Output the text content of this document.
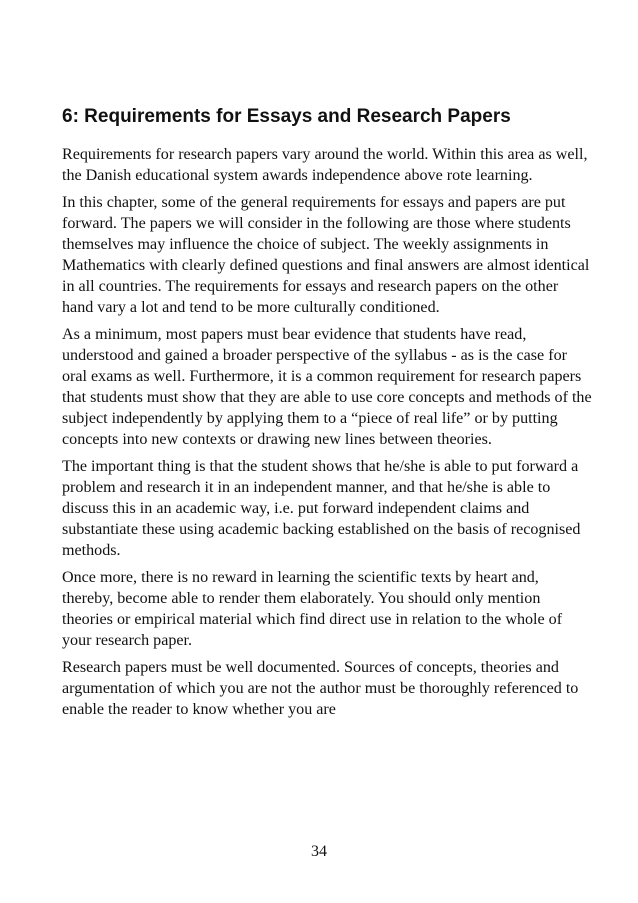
6: Requirements for Essays and Research Papers

Requirements for research papers vary around the world. Within this area as well, the Danish educational system awards independence above rote learning.

In this chapter, some of the general requirements for essays and papers are put forward. The papers we will consider in the following are those where students themselves may influence the choice of subject. The weekly assignments in Mathematics with clearly defined questions and final answers are almost identical in all countries. The requirements for essays and research papers on the other hand vary a lot and tend to be more culturally conditioned.

As a minimum, most papers must bear evidence that students have read, understood and gained a broader perspective of the syllabus - as is the case for oral exams as well. Furthermore, it is a common requirement for research papers that students must show that they are able to use core concepts and methods of the subject independently by applying them to a “piece of real life” or by putting concepts into new contexts or drawing new lines between theories.

The important thing is that the student shows that he/she is able to put forward a problem and research it in an independent manner, and that he/she is able to discuss this in an academic way, i.e. put forward independent claims and substantiate these using academic backing established on the basis of recognised methods.

Once more, there is no reward in learning the scientific texts by heart and, thereby, become able to render them elaborately. You should only mention theories or empirical material which find direct use in relation to the whole of your research paper.

Research papers must be well documented. Sources of concepts, theories and argumentation of which you are not the author must be thoroughly referenced to enable the reader to know whether you are

34
